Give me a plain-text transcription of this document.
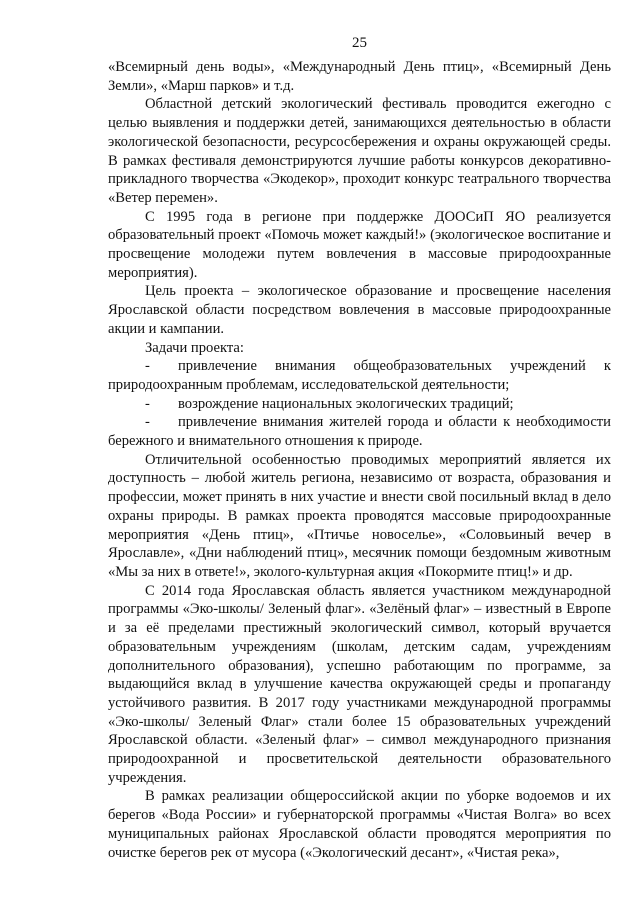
25

«Всемирный день воды», «Международный День птиц», «Всемирный День Земли», «Марш парков» и т.д.

Областной детский экологический фестиваль проводится ежегодно с целью выявления и поддержки детей, занимающихся деятельностью в области экологической безопасности, ресурсосбережения и охраны окружающей среды. В рамках фестиваля демонстрируются лучшие работы конкурсов декоративно-прикладного творчества «Экодекор», проходит конкурс театрального творчества «Ветер перемен».

С 1995 года в регионе при поддержке ДООСиП ЯО реализуется образовательный проект «Помочь может каждый!» (экологическое воспитание и просвещение молодежи путем вовлечения в массовые природоохранные мероприятия).

Цель проекта – экологическое образование и просвещение населения Ярославской области посредством вовлечения в массовые природоохранные акции и кампании.

Задачи проекта:

- привлечение внимания общеобразовательных учреждений к природоохранным проблемам, исследовательской деятельности;

- возрождение национальных экологических традиций;

- привлечение внимания жителей города и области к необходимости бережного и внимательного отношения к природе.

Отличительной особенностью проводимых мероприятий является их доступность – любой житель региона, независимо от возраста, образования и профессии, может принять в них участие и внести свой посильный вклад в дело охраны природы. В рамках проекта проводятся массовые природоохранные мероприятия «День птиц», «Птичье новоселье», «Соловьиный вечер в Ярославле», «Дни наблюдений птиц», месячник помощи бездомным животным «Мы за них в ответе!», эколого-культурная акция «Покормите птиц!» и др.

С 2014 года Ярославская область является участником международной программы «Эко-школы/ Зеленый флаг». «Зелёный флаг» – известный в Европе и за её пределами престижный экологический символ, который вручается образовательным учреждениям (школам, детским садам, учреждениям дополнительного образования), успешно работающим по программе, за выдающийся вклад в улучшение качества окружающей среды и пропаганду устойчивого развития. В 2017 году участниками международной программы «Эко-школы/ Зеленый Флаг» стали более 15 образовательных учреждений Ярославской области. «Зеленый флаг» – символ международного признания природоохранной и просветительской деятельности образовательного учреждения.

В рамках реализации общероссийской акции по уборке водоемов и их берегов «Вода России» и губернаторской программы «Чистая Волга» во всех муниципальных районах Ярославской области проводятся мероприятия по очистке берегов рек от мусора («Экологический десант», «Чистая река»,
